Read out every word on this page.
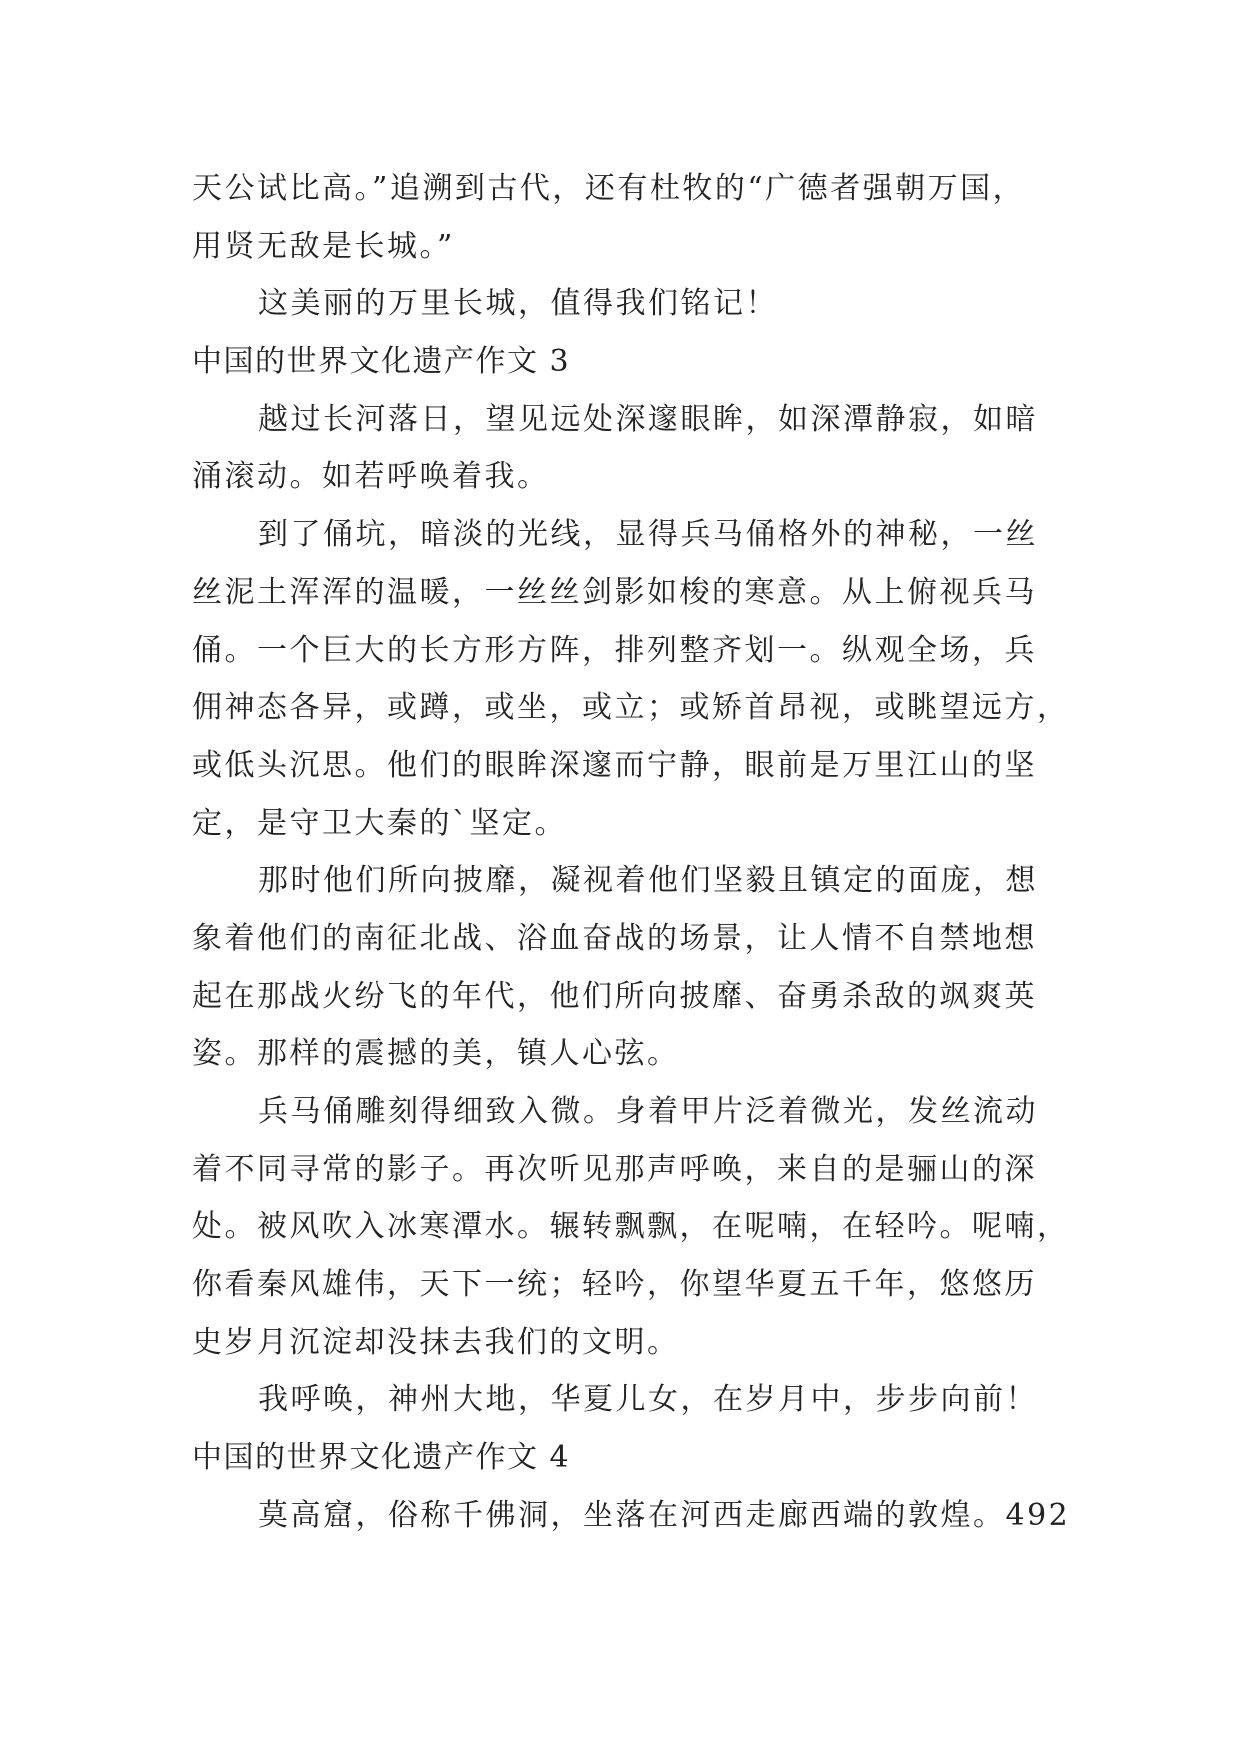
天公试比高。”追溯到古代，还有杜牧的“广德者强朝万国，
用贤无敌是长城。”
这美丽的万里长城，值得我们铭记！
中国的世界文化遗产作文 3
越过长河落日，望见远处深邃眼眸，如深潭静寂，如暗
涌滚动。如若呼唤着我。
到了俑坑，暗淡的光线，显得兵马俑格外的神秘，一丝
丝泥土浑浑的温暖，一丝丝剑影如梭的寒意。从上俯视兵马
俑。一个巨大的长方形方阵，排列整齐划一。纵观全场，兵
佣神态各异，或蹲，或坐，或立；或矫首昂视，或眺望远方，
或低头沉思。他们的眼眸深邃而宁静，眼前是万里江山的坚
定，是守卫大秦的`坚定。
那时他们所向披靡，凝视着他们坚毅且镇定的面庞，想
象着他们的南征北战、浴血奋战的场景，让人情不自禁地想
起在那战火纷飞的年代，他们所向披靡、奋勇杀敌的飒爽英
姿。那样的震撼的美，镇人心弦。
兵马俑雕刻得细致入微。身着甲片泛着微光，发丝流动
着不同寻常的影子。再次听见那声呼唤，来自的是骊山的深
处。被风吹入冰寒潭水。辗转飘飘，在呢喃，在轻吟。呢喃，
你看秦风雄伟，天下一统；轻吟，你望华夏五千年，悠悠历
史岁月沉淀却没抹去我们的文明。
我呼唤，神州大地，华夏儿女，在岁月中，步步向前！
中国的世界文化遗产作文 4
莫高窟，俗称千佛洞，坐落在河西走廊西端的敦煌。492
